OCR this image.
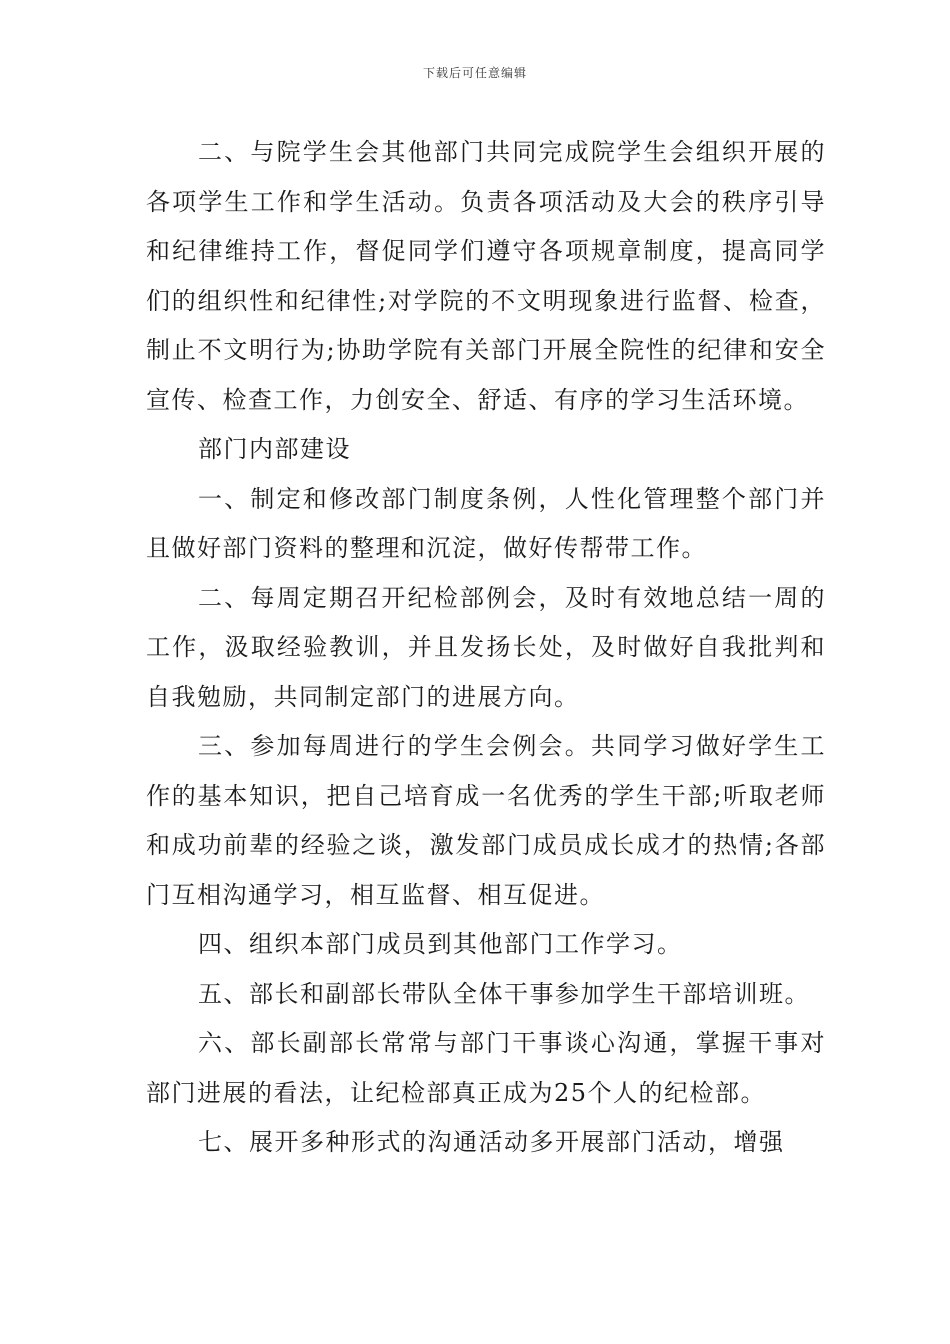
下载后可任意编辑

二、与院学生会其他部门共同完成院学生会组织开展的各项学生工作和学生活动。负责各项活动及大会的秩序引导和纪律维持工作，督促同学们遵守各项规章制度，提高同学们的组织性和纪律性;对学院的不文明现象进行监督、检查，制止不文明行为;协助学院有关部门开展全院性的纪律和安全宣传、检查工作，力创安全、舒适、有序的学习生活环境。

部门内部建设

一、制定和修改部门制度条例，人性化管理整个部门并且做好部门资料的整理和沉淀，做好传帮带工作。

二、每周定期召开纪检部例会，及时有效地总结一周的工作，汲取经验教训，并且发扬长处，及时做好自我批判和自我勉励，共同制定部门的进展方向。

三、参加每周进行的学生会例会。共同学习做好学生工作的基本知识，把自己培育成一名优秀的学生干部;听取老师和成功前辈的经验之谈，激发部门成员成长成才的热情;各部门互相沟通学习，相互监督、相互促进。

四、组织本部门成员到其他部门工作学习。

五、部长和副部长带队全体干事参加学生干部培训班。

六、部长副部长常常与部门干事谈心沟通，掌握干事对部门进展的看法，让纪检部真正成为25个人的纪检部。

七、展开多种形式的沟通活动多开展部门活动，增强
